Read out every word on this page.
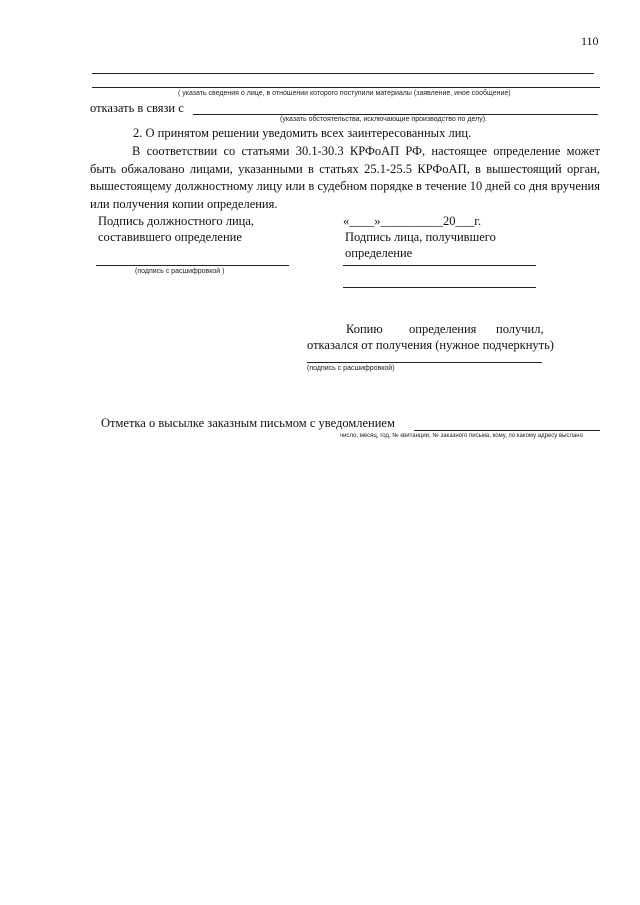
110
( указать сведения о лице, в отношении которого поступили материалы (заявление, иное сообщение)
отказать в связи с
(указать обстоятельства, исключающие производство по делу).
2. О принятом решении уведомить всех заинтересованных лиц.
В соответствии со статьями 30.1-30.3 КРФоАП РФ, настоящее определение может быть обжаловано лицами, указанными в статьях 25.1-25.5 КРФоАП, в вышестоящий орган, вышестоящему должностному лицу или в судебном порядке в течение 10 дней со дня вручения или получения копии определения.
Подпись должностного лица,
составившего определение
(подпись с расшифровкой )
«____»__________20___г.
Подпись лица, получившего
определение
Копию определения получил,
отказался от получения (нужное подчеркнуть)
(подпись с расшифровкой)
Отметка о высылке заказным письмом с уведомлением
число, месяц, год, № квитанции, № заказного письма, кому, по какому адресу выслано
